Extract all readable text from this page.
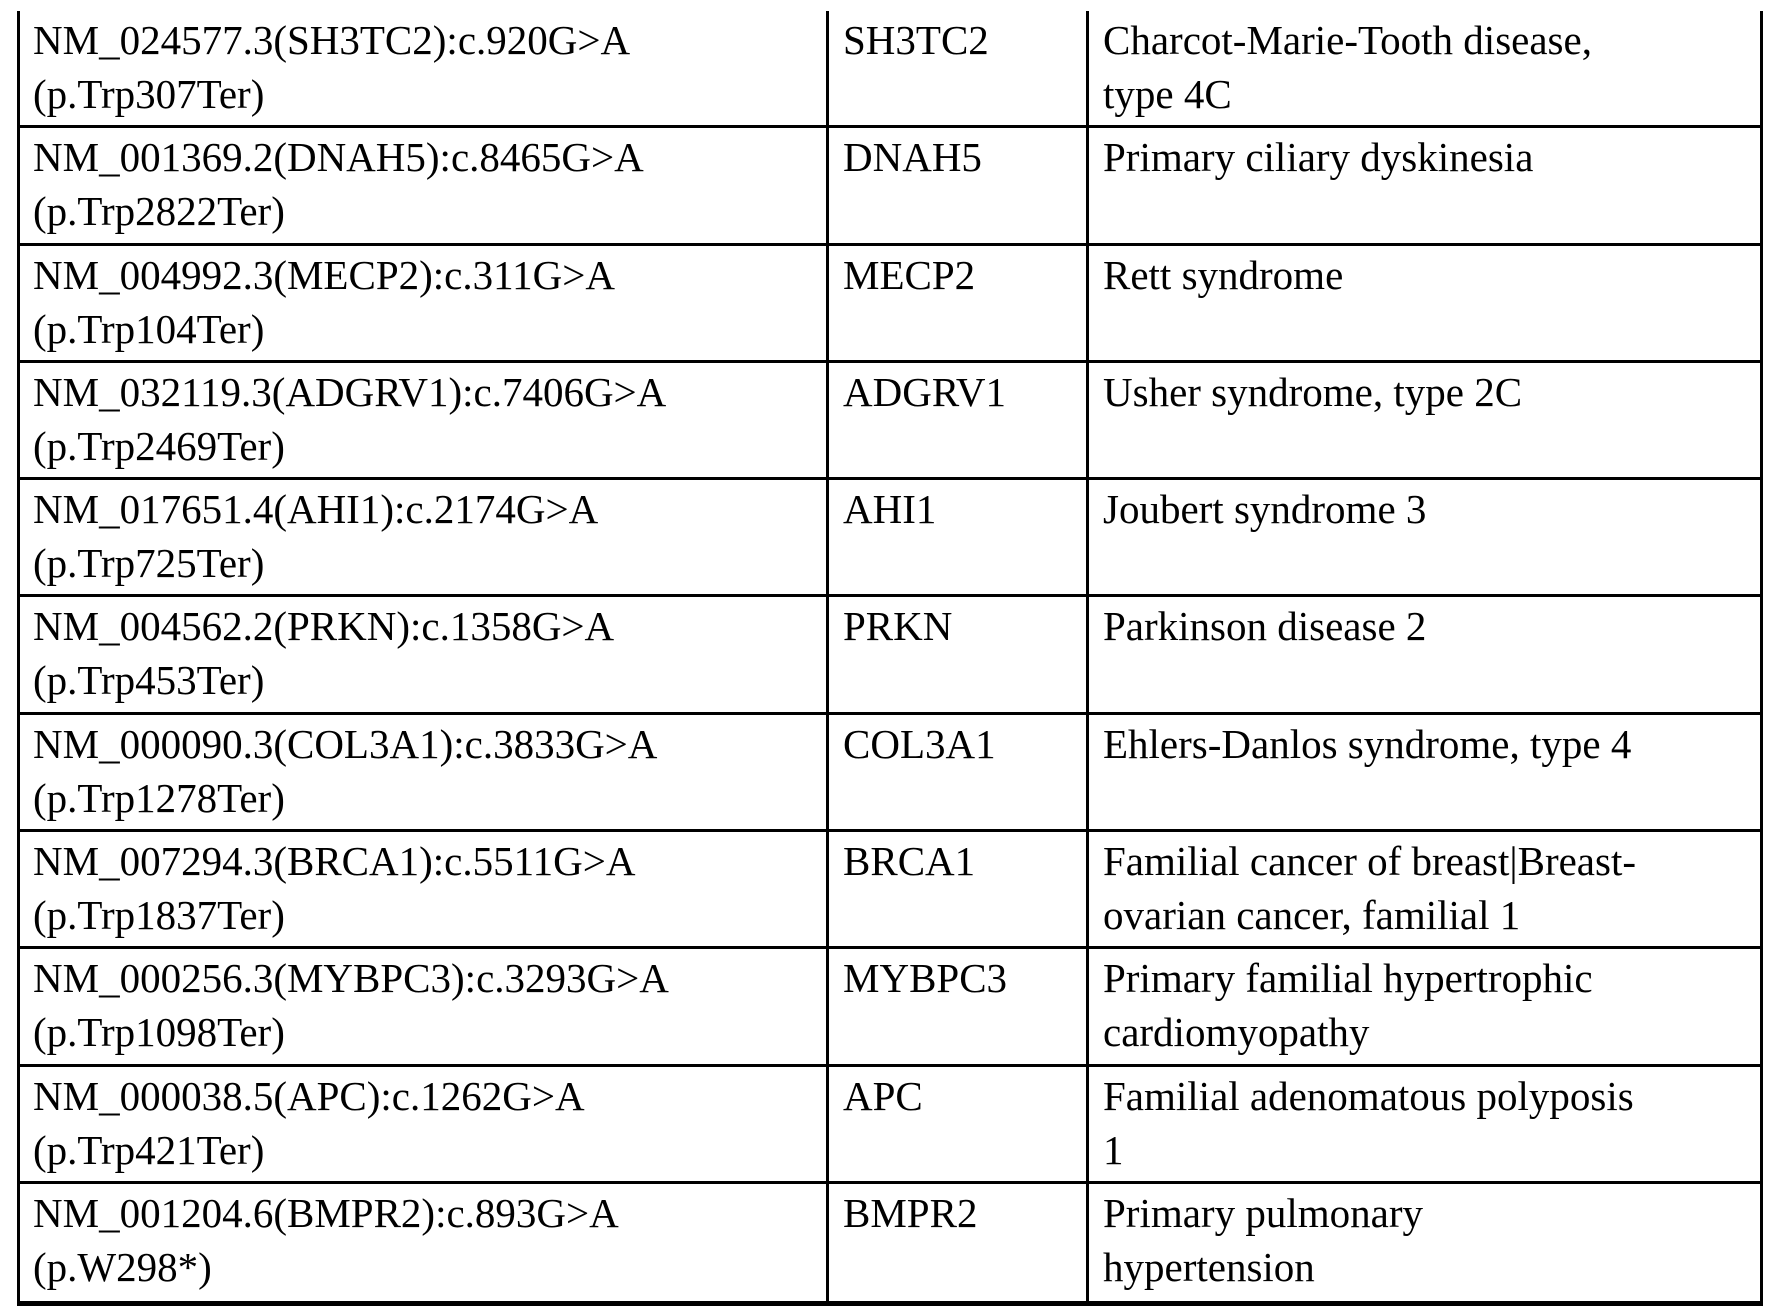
NM_024577.3(SH3TC2):c.920G>A
(p.Trp307Ter)
SH3TC2	Charcot-Marie-Tooth disease,
type 4C
NM_001369.2(DNAH5):c.8465G>A
(p.Trp2822Ter)
DNAH5	Primary ciliary dyskinesia
NM_004992.3(MECP2):c.311G>A
(p.Trp104Ter)
MECP2	Rett syndrome
NM_032119.3(ADGRV1):c.7406G>A
(p.Trp2469Ter)
ADGRV1	Usher syndrome, type 2C
NM_017651.4(AHI1):c.2174G>A
(p.Trp725Ter)
AHI1	Joubert syndrome 3
NM_004562.2(PRKN):c.1358G>A
(p.Trp453Ter)
PRKN	Parkinson disease 2
NM_000090.3(COL3A1):c.3833G>A
(p.Trp1278Ter)
COL3A1	Ehlers-Danlos syndrome, type 4
NM_007294.3(BRCA1):c.5511G>A
(p.Trp1837Ter)
BRCA1	Familial cancer of breast|Breast-
ovarian cancer, familial 1
NM_000256.3(MYBPC3):c.3293G>A
(p.Trp1098Ter)
MYBPC3	Primary familial hypertrophic
cardiomyopathy
NM_000038.5(APC):c.1262G>A
(p.Trp421Ter)
APC	Familial adenomatous polyposis
1
NM_001204.6(BMPR2):c.893G>A
(p.W298*)
BMPR2	Primary pulmonary
hypertension
